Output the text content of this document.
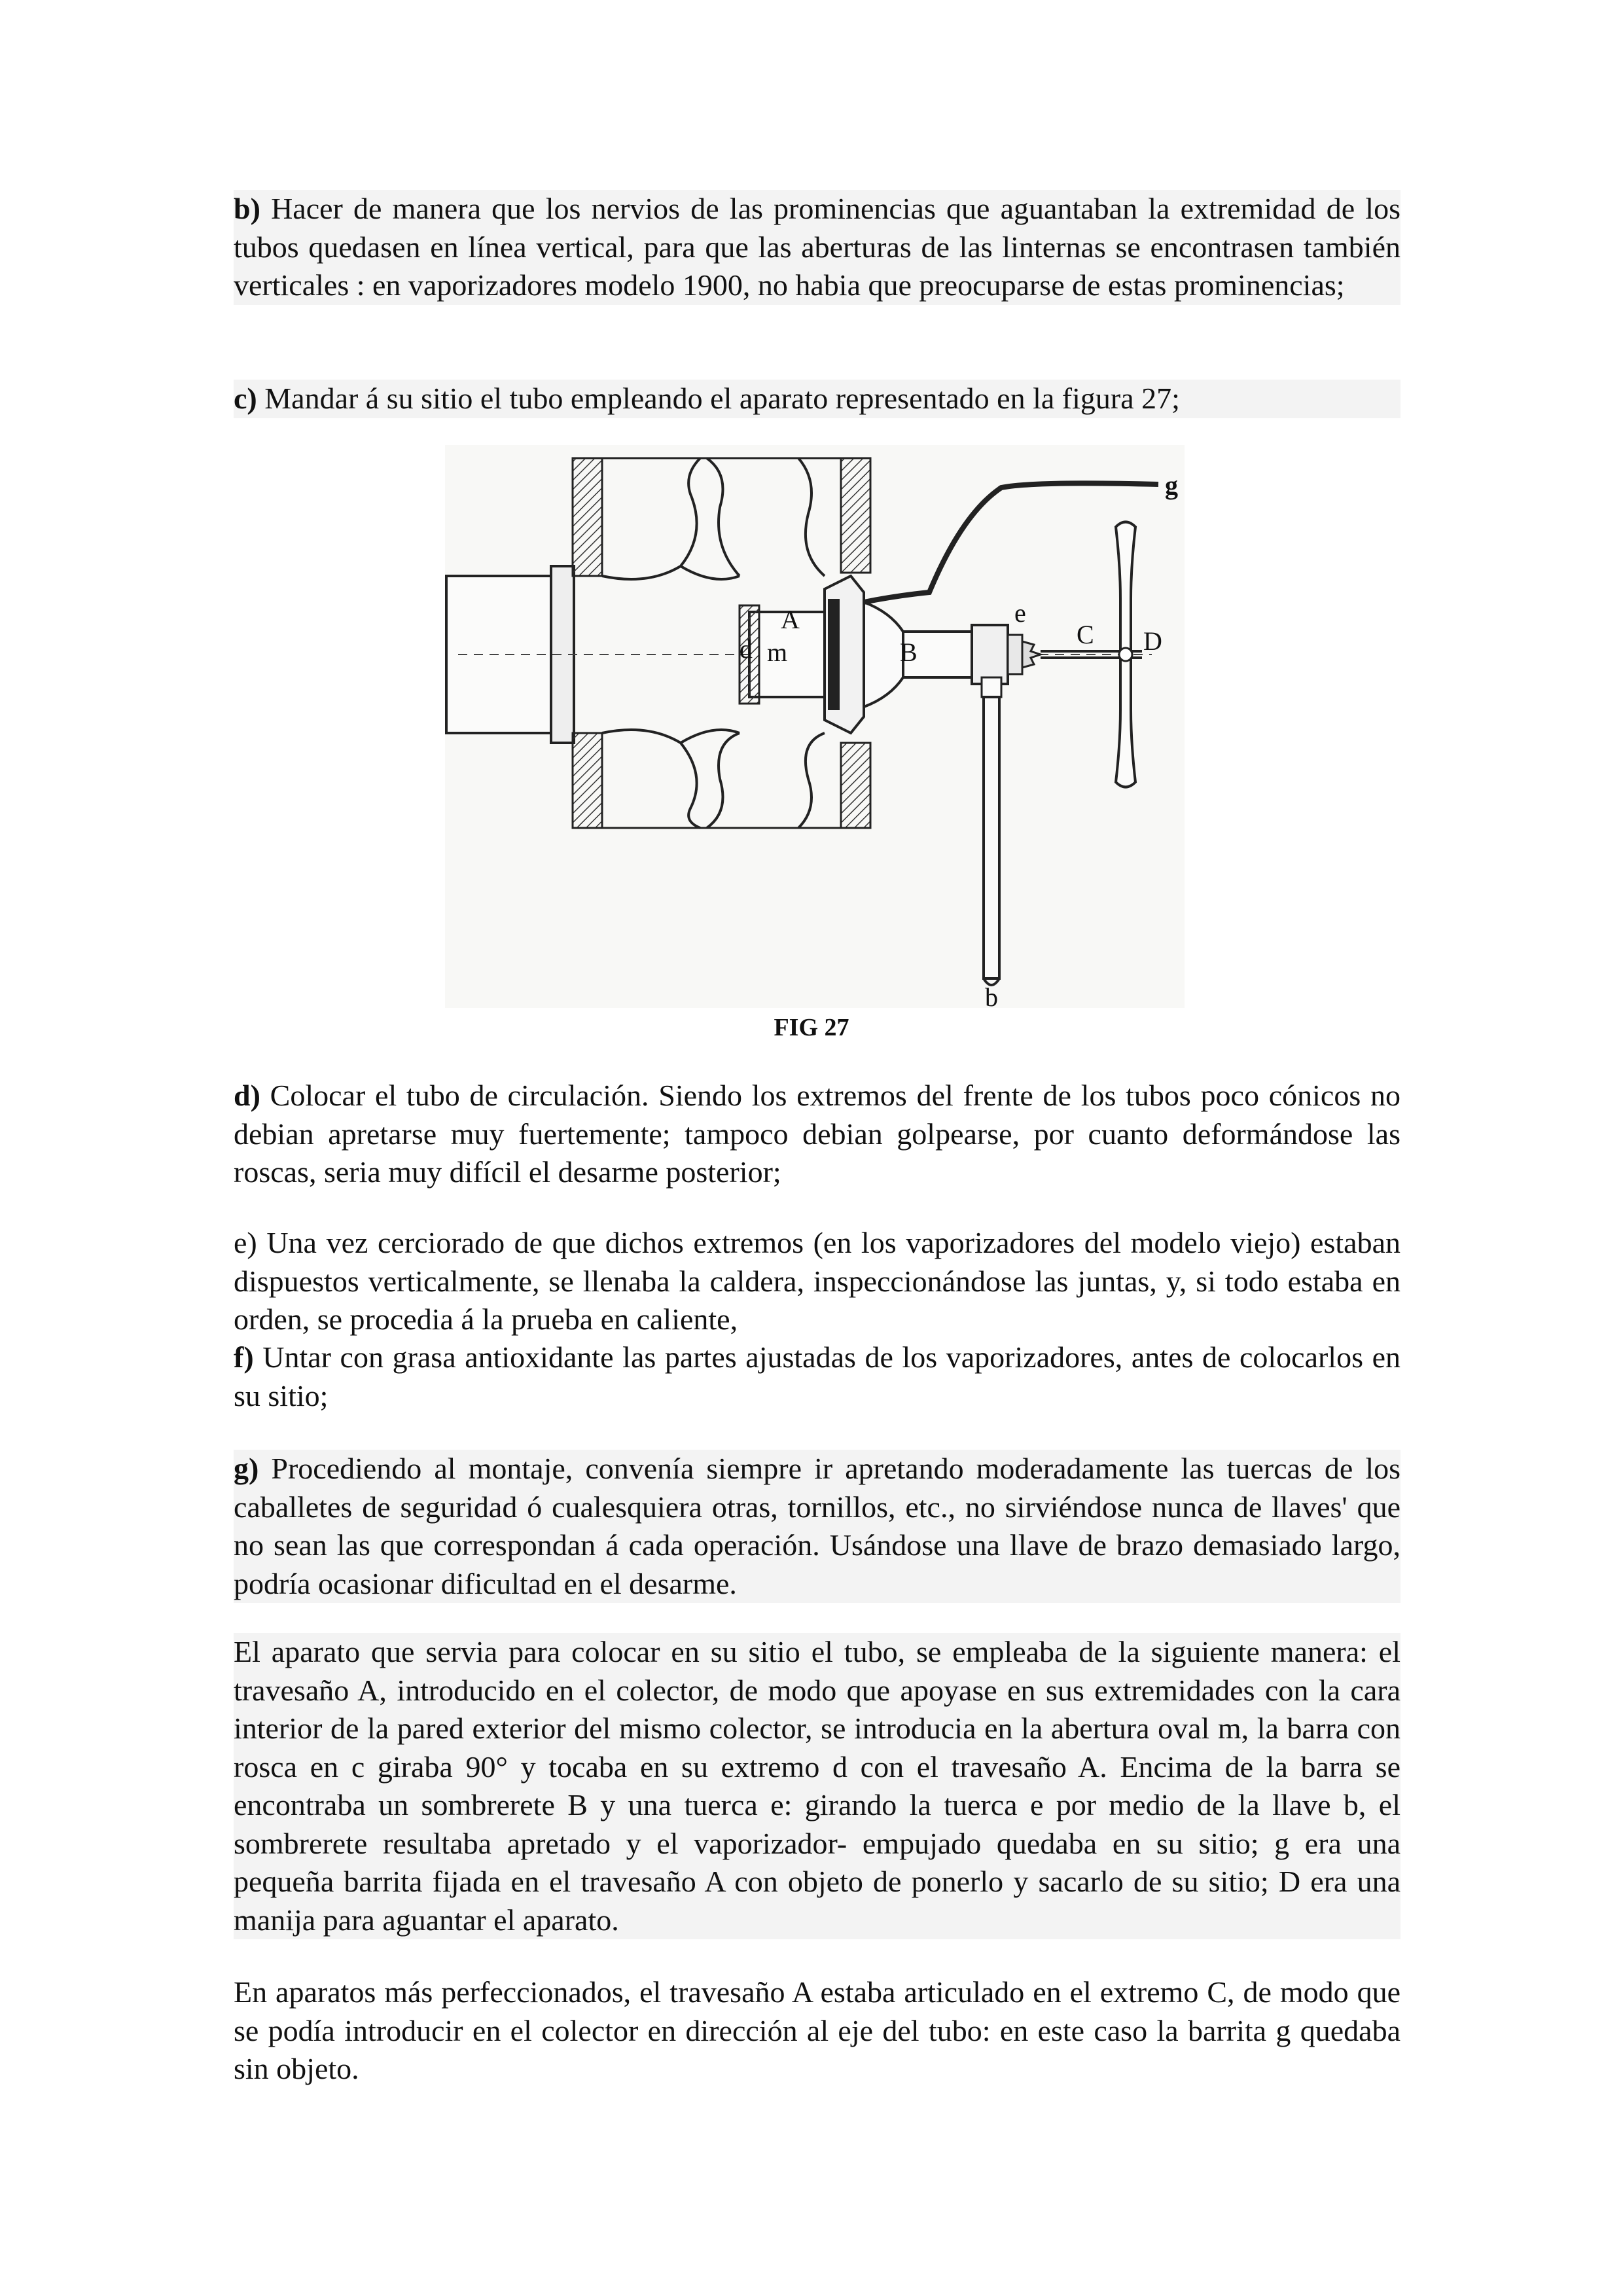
b) Hacer de manera que los nervios de las prominencias que aguantaban la extremidad de los tubos quedasen en línea vertical, para que las aberturas de las linternas se encontrasen también verticales : en vaporizadores modelo 1900, no habia que preocuparse de estas prominencias;
c) Mandar á su sitio el tubo empleando el aparato representado en la figura 27;
A
m
d	B
e
C D
g
b
FIG 27
d) Colocar el tubo de circulación. Siendo los extremos del frente de los tubos poco cónicos no debian apretarse muy fuertemente; tampoco debian golpearse, por cuanto deformándose las roscas, seria muy difícil el desarme posterior;
e) Una vez cerciorado de que dichos extremos (en los vaporizadores del modelo viejo) estaban dispuestos verticalmente, se llenaba la caldera, inspeccionándose las juntas, y, si todo estaba en orden, se procedia á la prueba en caliente,
f) Untar con grasa antioxidante las partes ajustadas de los vaporizadores, antes de colocarlos en su sitio;
g) Procediendo al montaje, convenía siempre ir apretando moderadamente las tuercas de los caballetes de seguridad ó cualesquiera otras, tornillos, etc., no sirviéndose nunca de llaves' que no sean las que correspondan á cada operación. Usándose una llave de brazo demasiado largo, podría ocasionar dificultad en el desarme.
El aparato que servia para colocar en su sitio el tubo, se empleaba de la siguiente manera: el travesaño A, introducido en el colector, de modo que apoyase en sus extremidades con la cara interior de la pared exterior del mismo colector, se introducia en la abertura oval m, la barra con rosca en c giraba 90° y tocaba en su extremo d con el travesaño A. Encima de la barra se encontraba un sombrerete B y una tuerca e: girando la tuerca e por medio de la llave b, el sombrerete resultaba apretado y el vaporizador- empujado quedaba en su sitio; g era una pequeña barrita fijada en el travesaño A con objeto de ponerlo y sacarlo de su sitio; D era una manija para aguantar el aparato.
En aparatos más perfeccionados, el travesaño A estaba articulado en el extremo C, de modo que se podía introducir en el colector en dirección al eje del tubo: en este caso la barrita g quedaba sin objeto.
